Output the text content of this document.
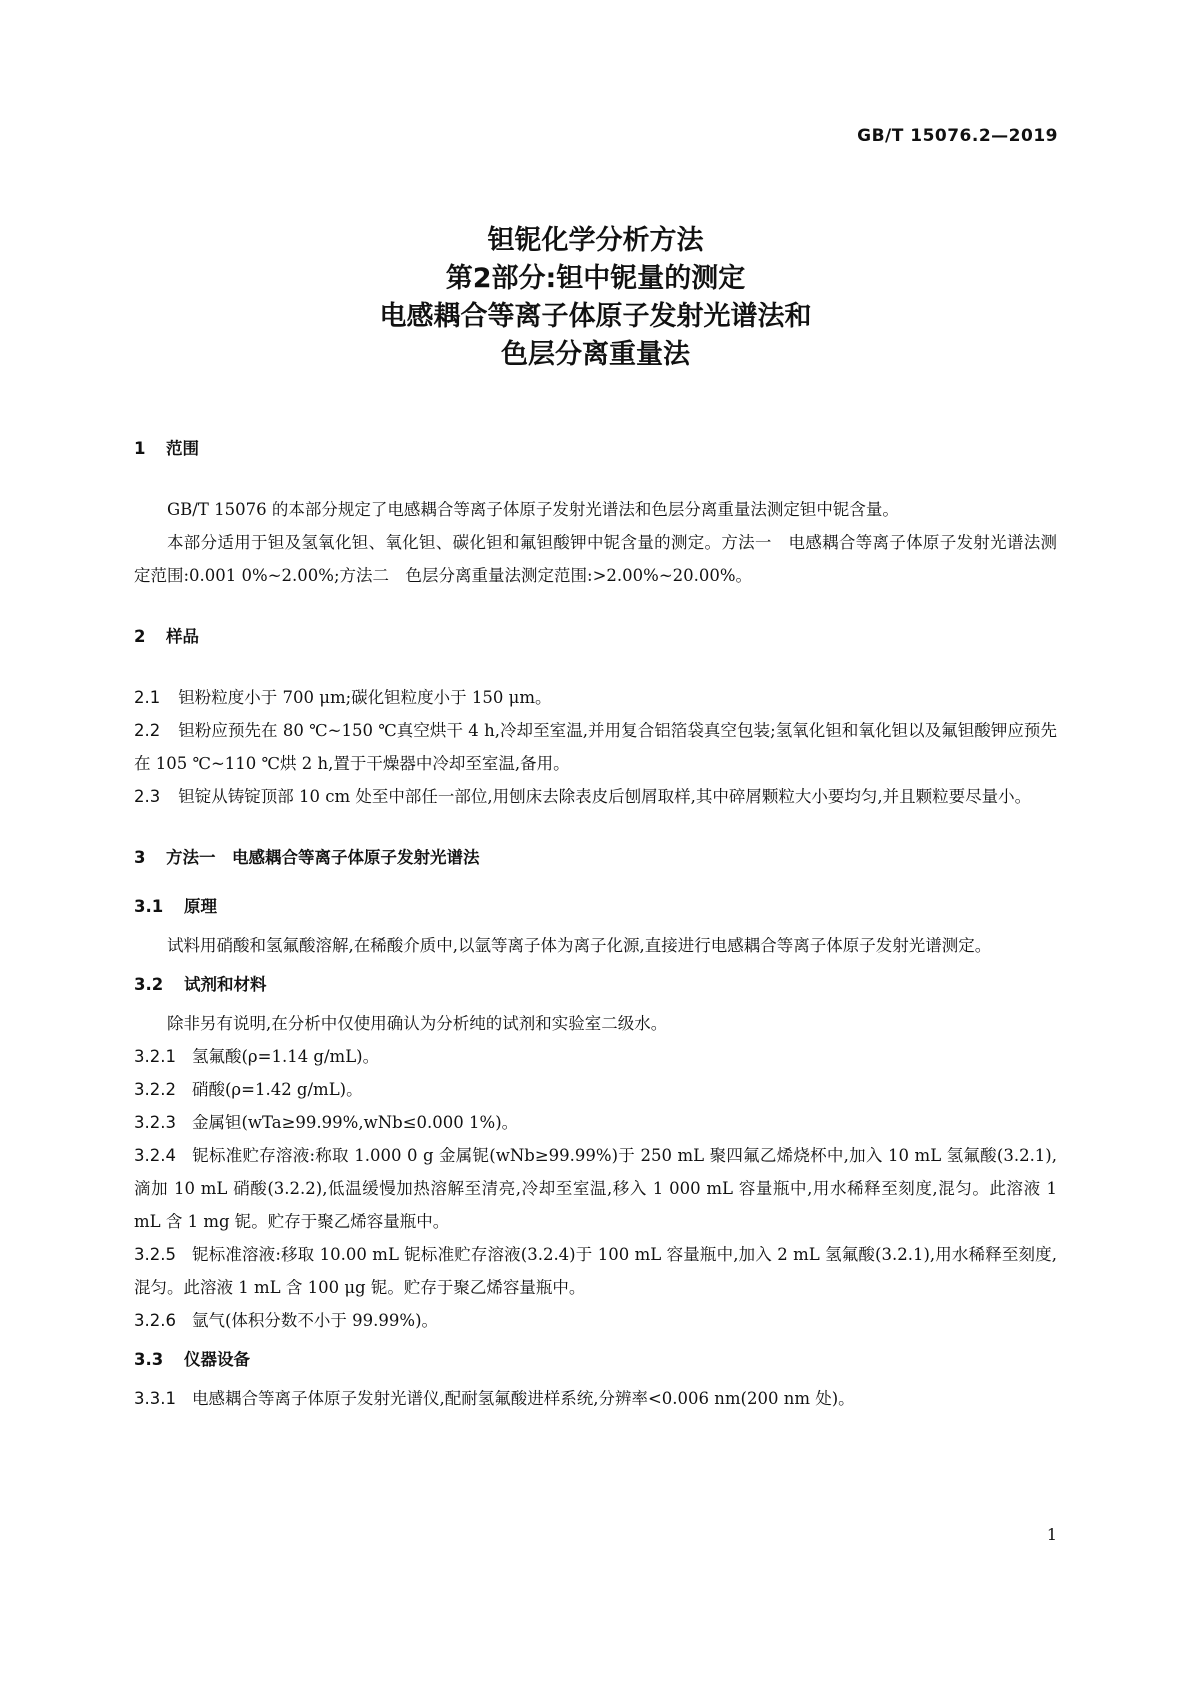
GB/T 15076.2—2019
钽铌化学分析方法
第2部分:钽中铌量的测定
电感耦合等离子体原子发射光谱法和
色层分离重量法
1 范围
GB/T 15076 的本部分规定了电感耦合等离子体原子发射光谱法和色层分离重量法测定钽中铌含量。
本部分适用于钽及氢氧化钽、氧化钽、碳化钽和氟钽酸钾中铌含量的测定。方法一　电感耦合等离子体原子发射光谱法测定范围:0.001 0%~2.00%;方法二　色层分离重量法测定范围:>2.00%~20.00%。
2 样品
2.1 钽粉粒度小于 700 μm;碳化钽粒度小于 150 μm。
2.2 钽粉应预先在 80 ℃~150 ℃真空烘干 4 h,冷却至室温,并用复合铝箔袋真空包装;氢氧化钽和氧化钽以及氟钽酸钾应预先在 105 ℃~110 ℃烘 2 h,置于干燥器中冷却至室温,备用。
2.3 钽锭从铸锭顶部 10 cm 处至中部任一部位,用刨床去除表皮后刨屑取样,其中碎屑颗粒大小要均匀,并且颗粒要尽量小。
3 方法一　电感耦合等离子体原子发射光谱法
3.1 原理
试料用硝酸和氢氟酸溶解,在稀酸介质中,以氩等离子体为离子化源,直接进行电感耦合等离子体原子发射光谱测定。
3.2 试剂和材料
除非另有说明,在分析中仅使用确认为分析纯的试剂和实验室二级水。
3.2.1 氢氟酸(ρ=1.14 g/mL)。
3.2.2 硝酸(ρ=1.42 g/mL)。
3.2.3 金属钽(wTa≥99.99%,wNb≤0.000 1%)。
3.2.4 铌标准贮存溶液:称取 1.000 0 g 金属铌(wNb≥99.99%)于 250 mL 聚四氟乙烯烧杯中,加入 10 mL 氢氟酸(3.2.1),滴加 10 mL 硝酸(3.2.2),低温缓慢加热溶解至清亮,冷却至室温,移入 1 000 mL 容量瓶中,用水稀释至刻度,混匀。此溶液 1 mL 含 1 mg 铌。贮存于聚乙烯容量瓶中。
3.2.5 铌标准溶液:移取 10.00 mL 铌标准贮存溶液(3.2.4)于 100 mL 容量瓶中,加入 2 mL 氢氟酸(3.2.1),用水稀释至刻度,混匀。此溶液 1 mL 含 100 μg 铌。贮存于聚乙烯容量瓶中。
3.2.6 氩气(体积分数不小于 99.99%)。
3.3 仪器设备
3.3.1 电感耦合等离子体原子发射光谱仪,配耐氢氟酸进样系统,分辨率<0.006 nm(200 nm 处)。
1
